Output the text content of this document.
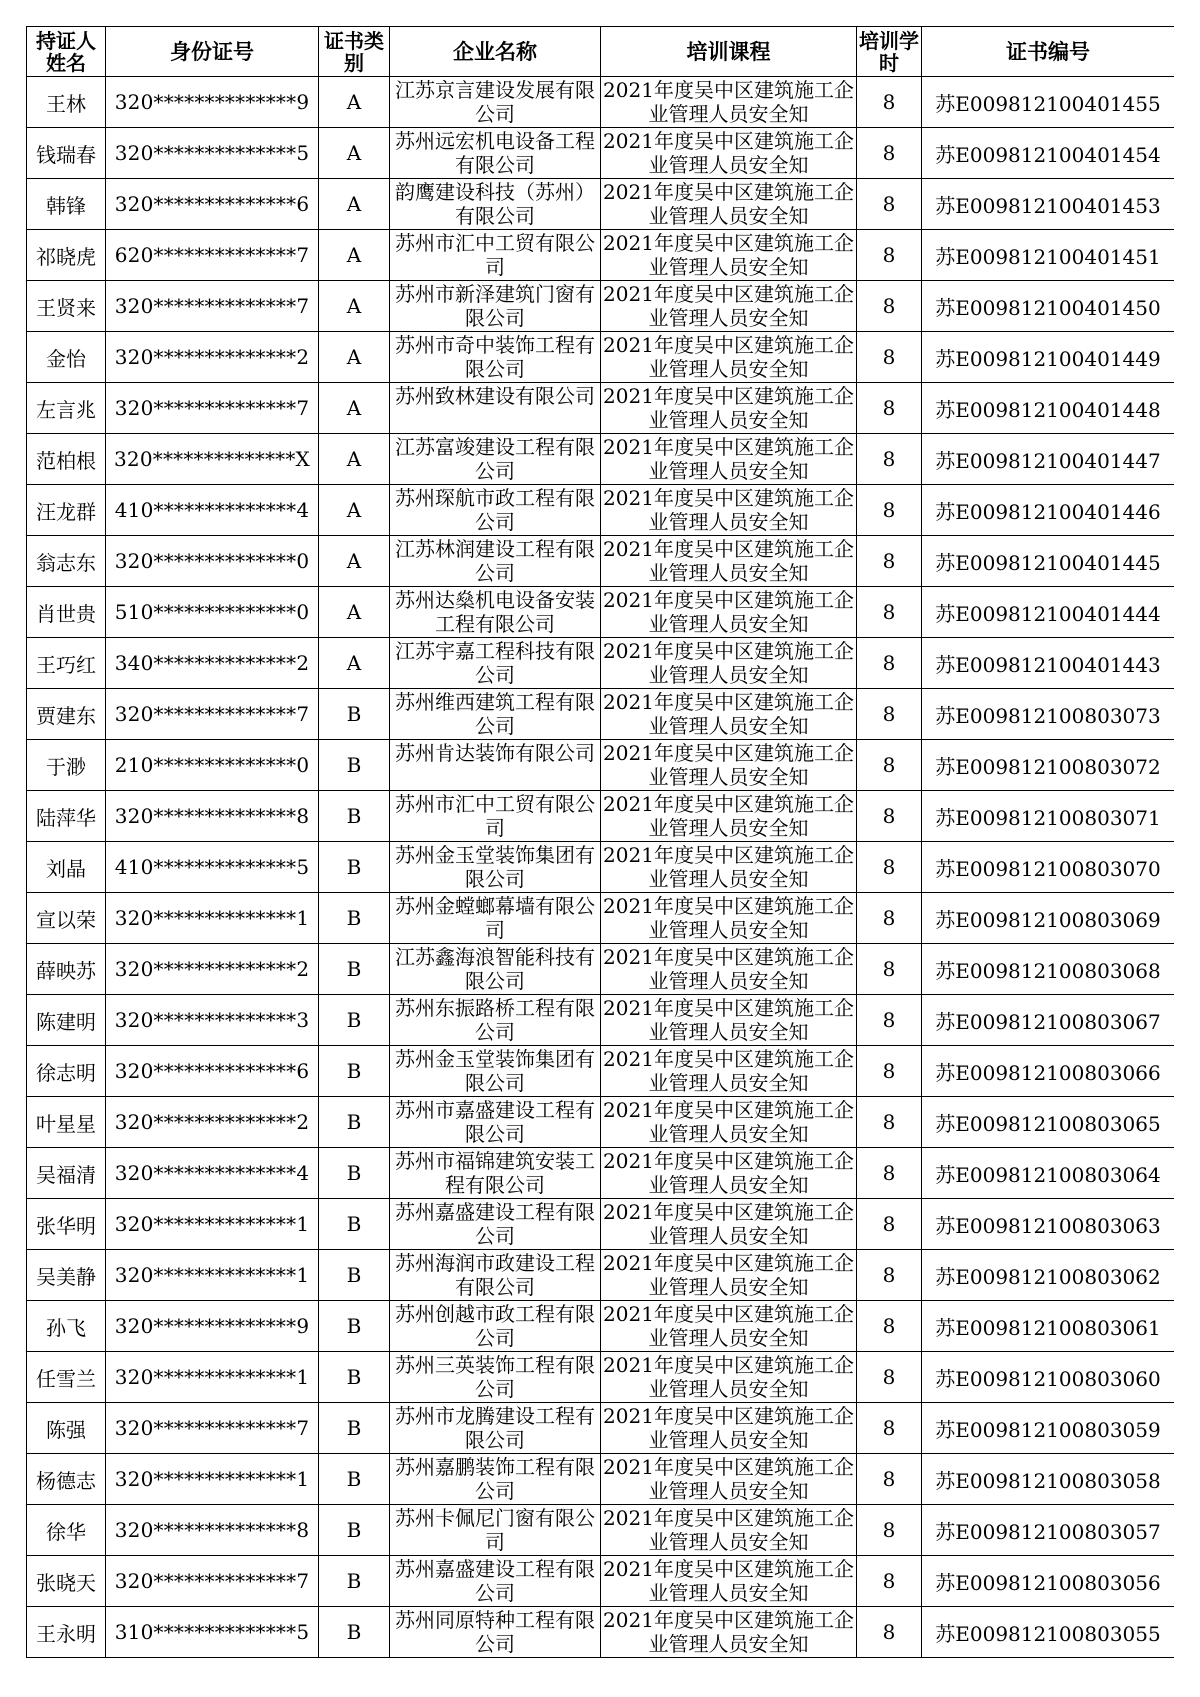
持证人姓名	身份证号	证书类别	企业名称	培训课程	培训学时	证书编号
王林	320**************9	A	江苏京言建设发展有限公司	2021年度吴中区建筑施工企业管理人员安全知	8	苏E009812100401455
钱瑞春	320**************5	A	苏州远宏机电设备工程有限公司	2021年度吴中区建筑施工企业管理人员安全知	8	苏E009812100401454
韩锋	320**************6	A	韵鹰建设科技（苏州）有限公司	2021年度吴中区建筑施工企业管理人员安全知	8	苏E009812100401453
祁晓虎	620**************7	A	苏州市汇中工贸有限公司	2021年度吴中区建筑施工企业管理人员安全知	8	苏E009812100401451
王贤来	320**************7	A	苏州市新泽建筑门窗有限公司	2021年度吴中区建筑施工企业管理人员安全知	8	苏E009812100401450
金怡	320**************2	A	苏州市奇中装饰工程有限公司	2021年度吴中区建筑施工企业管理人员安全知	8	苏E009812100401449
左言兆	320**************7	A	苏州致林建设有限公司	2021年度吴中区建筑施工企业管理人员安全知	8	苏E009812100401448
范柏根	320**************X	A	江苏富竣建设工程有限公司	2021年度吴中区建筑施工企业管理人员安全知	8	苏E009812100401447
汪龙群	410**************4	A	苏州琛航市政工程有限公司	2021年度吴中区建筑施工企业管理人员安全知	8	苏E009812100401446
翁志东	320**************0	A	江苏林润建设工程有限公司	2021年度吴中区建筑施工企业管理人员安全知	8	苏E009812100401445
肖世贵	510**************0	A	苏州达燊机电设备安装工程有限公司	2021年度吴中区建筑施工企业管理人员安全知	8	苏E009812100401444
王巧红	340**************2	A	江苏宇嘉工程科技有限公司	2021年度吴中区建筑施工企业管理人员安全知	8	苏E009812100401443
贾建东	320**************7	B	苏州维西建筑工程有限公司	2021年度吴中区建筑施工企业管理人员安全知	8	苏E009812100803073
于渺	210**************0	B	苏州肯达装饰有限公司	2021年度吴中区建筑施工企业管理人员安全知	8	苏E009812100803072
陆萍华	320**************8	B	苏州市汇中工贸有限公司	2021年度吴中区建筑施工企业管理人员安全知	8	苏E009812100803071
刘晶	410**************5	B	苏州金玉堂装饰集团有限公司	2021年度吴中区建筑施工企业管理人员安全知	8	苏E009812100803070
宣以荣	320**************1	B	苏州金螳螂幕墙有限公司	2021年度吴中区建筑施工企业管理人员安全知	8	苏E009812100803069
薛映苏	320**************2	B	江苏鑫海浪智能科技有限公司	2021年度吴中区建筑施工企业管理人员安全知	8	苏E009812100803068
陈建明	320**************3	B	苏州东振路桥工程有限公司	2021年度吴中区建筑施工企业管理人员安全知	8	苏E009812100803067
徐志明	320**************6	B	苏州金玉堂装饰集团有限公司	2021年度吴中区建筑施工企业管理人员安全知	8	苏E009812100803066
叶星星	320**************2	B	苏州市嘉盛建设工程有限公司	2021年度吴中区建筑施工企业管理人员安全知	8	苏E009812100803065
吴福清	320**************4	B	苏州市福锦建筑安装工程有限公司	2021年度吴中区建筑施工企业管理人员安全知	8	苏E009812100803064
张华明	320**************1	B	苏州嘉盛建设工程有限公司	2021年度吴中区建筑施工企业管理人员安全知	8	苏E009812100803063
吴美静	320**************1	B	苏州海润市政建设工程有限公司	2021年度吴中区建筑施工企业管理人员安全知	8	苏E009812100803062
孙飞	320**************9	B	苏州创越市政工程有限公司	2021年度吴中区建筑施工企业管理人员安全知	8	苏E009812100803061
任雪兰	320**************1	B	苏州三英装饰工程有限公司	2021年度吴中区建筑施工企业管理人员安全知	8	苏E009812100803060
陈强	320**************7	B	苏州市龙腾建设工程有限公司	2021年度吴中区建筑施工企业管理人员安全知	8	苏E009812100803059
杨德志	320**************1	B	苏州嘉鹏装饰工程有限公司	2021年度吴中区建筑施工企业管理人员安全知	8	苏E009812100803058
徐华	320**************8	B	苏州卡佩尼门窗有限公司	2021年度吴中区建筑施工企业管理人员安全知	8	苏E009812100803057
张晓天	320**************7	B	苏州嘉盛建设工程有限公司	2021年度吴中区建筑施工企业管理人员安全知	8	苏E009812100803056
王永明	310**************5	B	苏州同原特种工程有限公司	2021年度吴中区建筑施工企业管理人员安全知	8	苏E009812100803055
